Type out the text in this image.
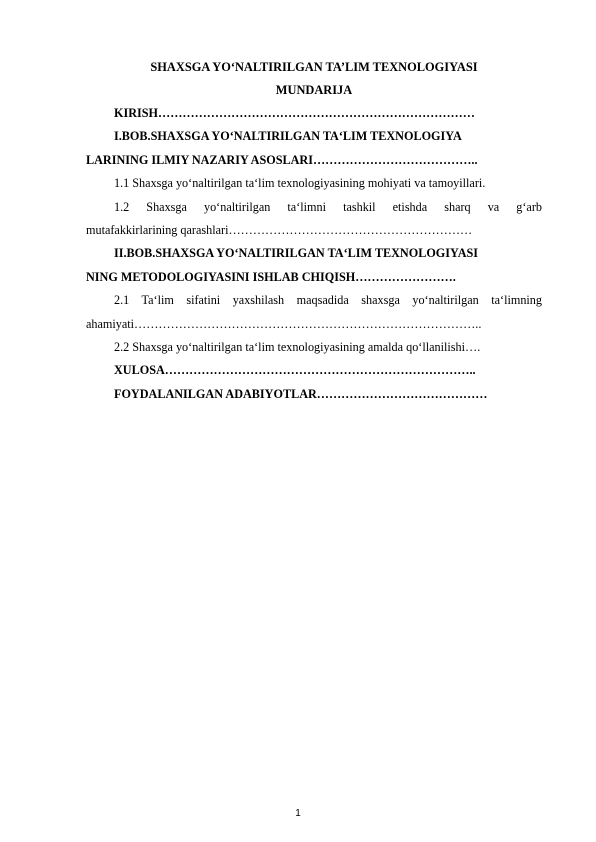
SHAXSGA YO‘NALTIRILGAN TA’LIM TEXNOLOGIYASI

MUNDARIJA

KIRISH……………………………………………………………………

I.BOB.SHAXSGA YO‘NALTIRILGAN TA‘LIM TEXNOLOGIYA

LARINING ILMIY NAZARIY ASOSLARI…………………………………..

1.1 Shaxsga yo‘naltirilgan ta‘lim texnologiyasining mohiyati va tamoyillari.

1.2 Shaxsga yo‘naltirilgan ta‘limni tashkil etishda sharq va g‘arb

mutafakkirlarining qarashlari……………………………………………………

II.BOB.SHAXSGA YO‘NALTIRILGAN TA‘LIM TEXNOLOGIYASI

NING METODOLOGIYASINI ISHLAB CHIQISH…………………….

2.1 Ta‘lim sifatini yaxshilash maqsadida shaxsga yo‘naltirilgan ta‘limning

ahamiyati…………………………………………………………………………..

2.2 Shaxsga yo‘naltirilgan ta‘lim texnologiyasining amalda qo‘llanilishi….

XULOSA…………………………………………………………………..

FOYDALANILGAN ADABIYOTLAR……………………………………

1
